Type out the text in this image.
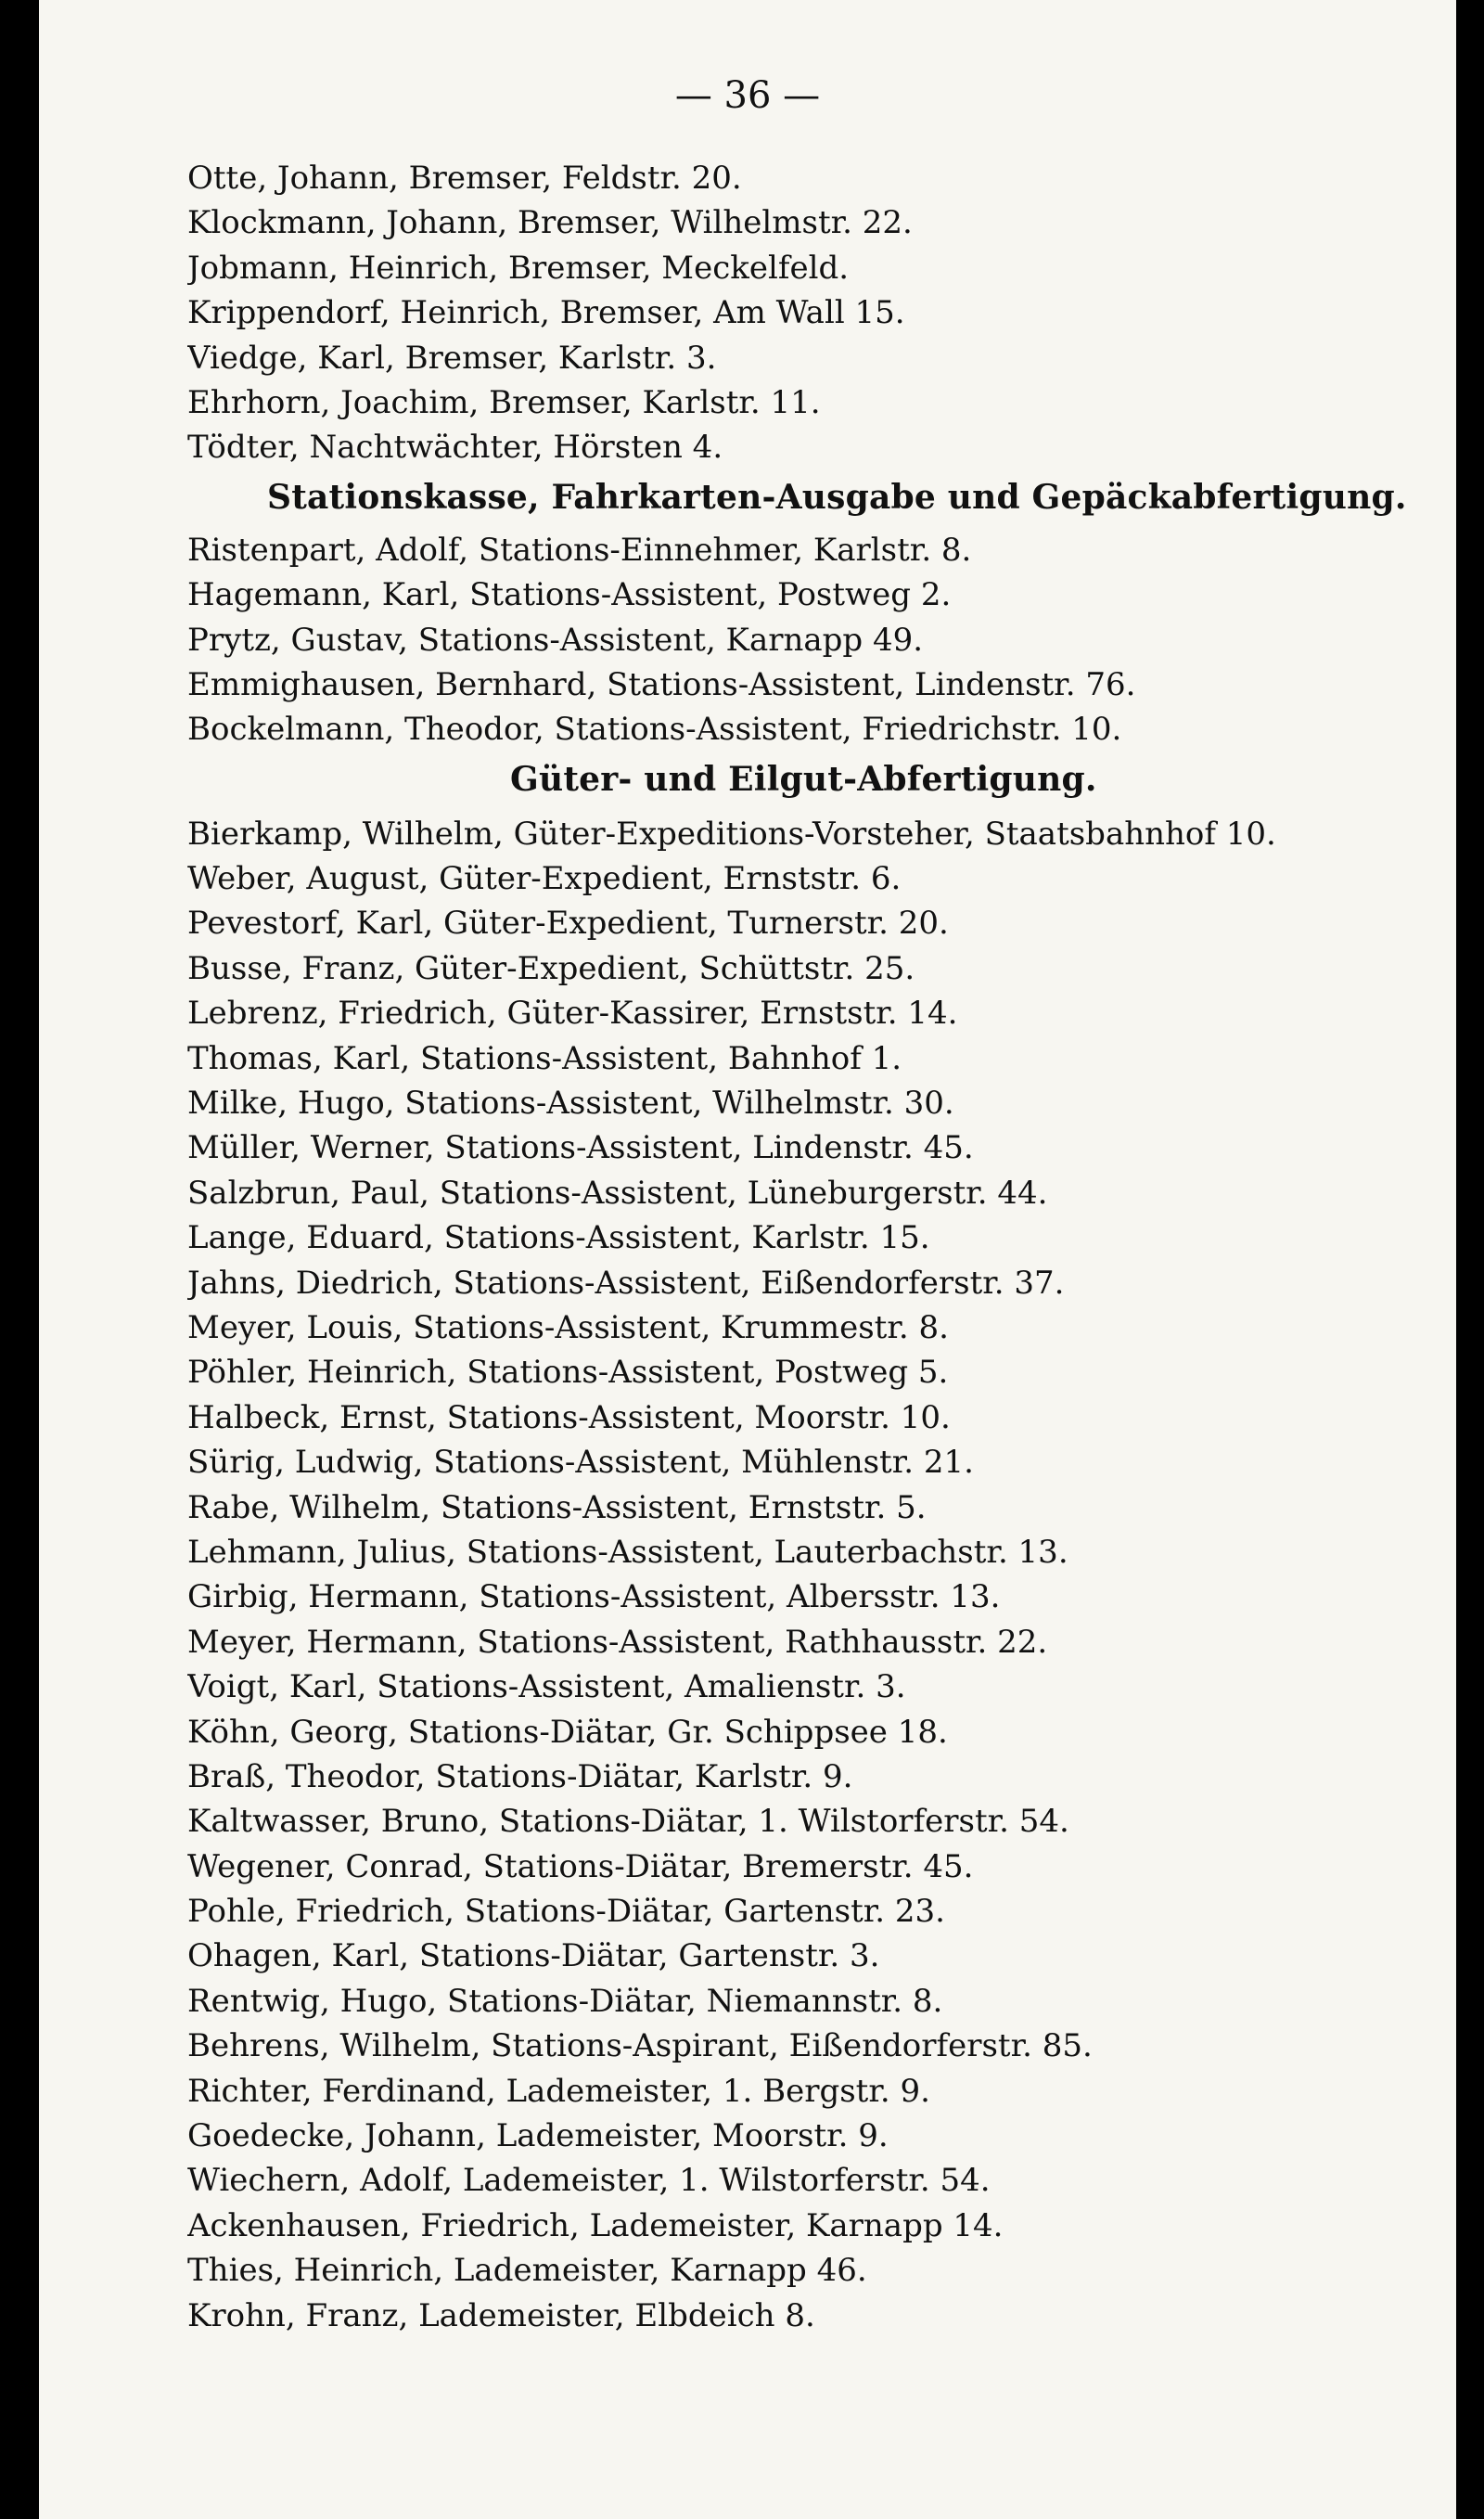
— 36 —
Otte, Johann, Bremser, Feldstr. 20.
Klockmann, Johann, Bremser, Wilhelmstr. 22.
Jobmann, Heinrich, Bremser, Meckelfeld.
Krippendorf, Heinrich, Bremser, Am Wall 15.
Viedge, Karl, Bremser, Karlstr. 3.
Ehrhorn, Joachim, Bremser, Karlstr. 11.
Tödter, Nachtwächter, Hörsten 4.
Stationskasse, Fahrkarten-Ausgabe und Gepäckabfertigung.
Ristenpart, Adolf, Stations-Einnehmer, Karlstr. 8.
Hagemann, Karl, Stations-Assistent, Postweg 2.
Prytz, Gustav, Stations-Assistent, Karnapp 49.
Emmighausen, Bernhard, Stations-Assistent, Lindenstr. 76.
Bockelmann, Theodor, Stations-Assistent, Friedrichstr. 10.
Güter- und Eilgut-Abfertigung.
Bierkamp, Wilhelm, Güter-Expeditions-Vorsteher, Staatsbahnhof 10.
Weber, August, Güter-Expedient, Ernststr. 6.
Pevestorf, Karl, Güter-Expedient, Turnerstr. 20.
Busse, Franz, Güter-Expedient, Schüttstr. 25.
Lebrenz, Friedrich, Güter-Kassirer, Ernststr. 14.
Thomas, Karl, Stations-Assistent, Bahnhof 1.
Milke, Hugo, Stations-Assistent, Wilhelmstr. 30.
Müller, Werner, Stations-Assistent, Lindenstr. 45.
Salzbrun, Paul, Stations-Assistent, Lüneburgerstr. 44.
Lange, Eduard, Stations-Assistent, Karlstr. 15.
Jahns, Diedrich, Stations-Assistent, Eißendorferstr. 37.
Meyer, Louis, Stations-Assistent, Krummestr. 8.
Pöhler, Heinrich, Stations-Assistent, Postweg 5.
Halbeck, Ernst, Stations-Assistent, Moorstr. 10.
Sürig, Ludwig, Stations-Assistent, Mühlenstr. 21.
Rabe, Wilhelm, Stations-Assistent, Ernststr. 5.
Lehmann, Julius, Stations-Assistent, Lauterbachstr. 13.
Girbig, Hermann, Stations-Assistent, Albersstr. 13.
Meyer, Hermann, Stations-Assistent, Rathhausstr. 22.
Voigt, Karl, Stations-Assistent, Amalienstr. 3.
Köhn, Georg, Stations-Diätar, Gr. Schippsee 18.
Braß, Theodor, Stations-Diätar, Karlstr. 9.
Kaltwasser, Bruno, Stations-Diätar, 1. Wilstorferstr. 54.
Wegener, Conrad, Stations-Diätar, Bremerstr. 45.
Pohle, Friedrich, Stations-Diätar, Gartenstr. 23.
Ohagen, Karl, Stations-Diätar, Gartenstr. 3.
Rentwig, Hugo, Stations-Diätar, Niemannstr. 8.
Behrens, Wilhelm, Stations-Aspirant, Eißendorferstr. 85.
Richter, Ferdinand, Lademeister, 1. Bergstr. 9.
Goedecke, Johann, Lademeister, Moorstr. 9.
Wiechern, Adolf, Lademeister, 1. Wilstorferstr. 54.
Ackenhausen, Friedrich, Lademeister, Karnapp 14.
Thies, Heinrich, Lademeister, Karnapp 46.
Krohn, Franz, Lademeister, Elbdeich 8.
